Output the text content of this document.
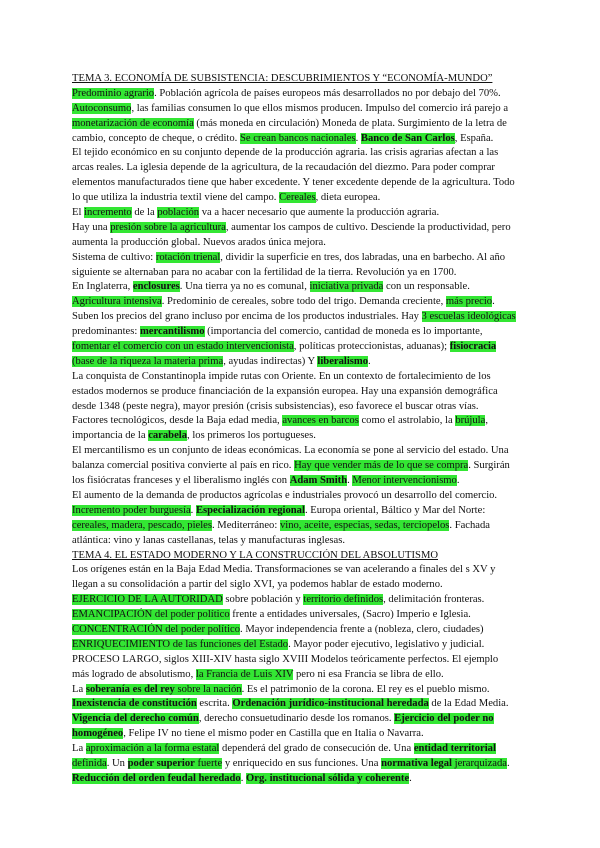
TEMA 3. ECONOMÍA DE SUBSISTENCIA: DESCUBRIMIENTOS Y “ECONOMÍA-MUNDO”
Predominio agrario. Población agrícola de países europeos más desarrollados no por debajo del 70%.
Autoconsumo, las familias consumen lo que ellos mismos producen. Impulso del comercio irá parejo a
monetarización de economía (más moneda en circulación) Moneda de plata. Surgimiento de la letra de
cambio, concepto de cheque, o crédito. Se crean bancos nacionales. Banco de San Carlos, España.
El tejido económico en su conjunto depende de la producción agraria. las crisis agrarias afectan a las
arcas reales. La iglesia depende de la agricultura, de la recaudación del diezmo. Para poder comprar
elementos manufacturados tiene que haber excedente. Y tener excedente depende de la agricultura. Todo
lo que utiliza la industria textil viene del campo. Cereales, dieta europea.
El incremento de la población va a hacer necesario que aumente la producción agraria.
Hay una presión sobre la agricultura, aumentar los campos de cultivo. Desciende la productividad, pero
aumenta la producción global. Nuevos arados única mejora.
Sistema de cultivo: rotación trienal, dividir la superficie en tres, dos labradas, una en barbecho. Al año
siguiente se alternaban para no acabar con la fertilidad de la tierra. Revolución ya en 1700.
En Inglaterra, enclosures. Una tierra ya no es comunal, iniciativa privada con un responsable.
Agricultura intensiva. Predominio de cereales, sobre todo del trigo. Demanda creciente, más precio.
Suben los precios del grano incluso por encima de los productos industriales. Hay 3 escuelas ideológicas
predominantes: mercantilismo (importancia del comercio, cantidad de moneda es lo importante,
fomentar el comercio con un estado intervencionista, políticas proteccionistas, aduanas); fisiocracia
(base de la riqueza la materia prima, ayudas indirectas) Y liberalismo.
La conquista de Constantinopla impide rutas con Oriente. En un contexto de fortalecimiento de los
estados modernos se produce financiación de la expansión europea. Hay una expansión demográfica
desde 1348 (peste negra), mayor presión (crisis subsistencias), eso favorece el buscar otras vías.
Factores tecnológicos, desde la Baja edad media, avances en barcos como el astrolabio, la brújula,
importancia de la carabela, los primeros los portugueses.
El mercantilismo es un conjunto de ideas económicas. La economía se pone al servicio del estado. Una
balanza comercial positiva convierte al país en rico. Hay que vender más de lo que se compra. Surgirán
los fisiócratas franceses y el liberalismo inglés con Adam Smith. Menor intervencionismo.
El aumento de la demanda de productos agrícolas e industriales provocó un desarrollo del comercio.
Incremento poder burguesía. Especialización regional. Europa oriental, Báltico y Mar del Norte:
cereales, madera, pescado, pieles. Mediterráneo: vino, aceite, especias, sedas, terciopelos. Fachada
atlántica: vino y lanas castellanas, telas y manufacturas inglesas.
TEMA 4. EL ESTADO MODERNO Y LA CONSTRUCCIÓN DEL ABSOLUTISMO
Los orígenes están en la Baja Edad Media. Transformaciones se van acelerando a finales del s XV y
llegan a su consolidación a partir del siglo XVI, ya podemos hablar de estado moderno.
EJERCICIO DE LA AUTORIDAD sobre población y territorio definidos, delimitación fronteras.
EMANCIPACIÓN del poder político frente a entidades universales, (Sacro) Imperio e Iglesia.
CONCENTRACIÓN del poder político. Mayor independencia frente a (nobleza, clero, ciudades)
ENRIQUECIMIENTO de las funciones del Estado. Mayor poder ejecutivo, legislativo y judicial.
PROCESO LARGO, siglos XIII-XIV hasta siglo XVIII Modelos teóricamente perfectos. El ejemplo
más logrado de absolutismo, la Francia de Luis XIV pero ni esa Francia se libra de ello.
La soberanía es del rey sobre la nación. Es el patrimonio de la corona. El rey es el pueblo mismo.
Inexistencia de constitución escrita. Ordenación jurídico-institucional heredada de la Edad Media.
Vigencia del derecho común, derecho consuetudinario desde los romanos. Ejercicio del poder no
homogéneo, Felipe IV no tiene el mismo poder en Castilla que en Italia o Navarra.
La aproximación a la forma estatal dependerá del grado de consecución de. Una entidad territorial
definida. Un poder superior fuerte y enriquecido en sus funciones. Una normativa legal jerarquizada.
Reducción del orden feudal heredado. Org. institucional sólida y coherente.
